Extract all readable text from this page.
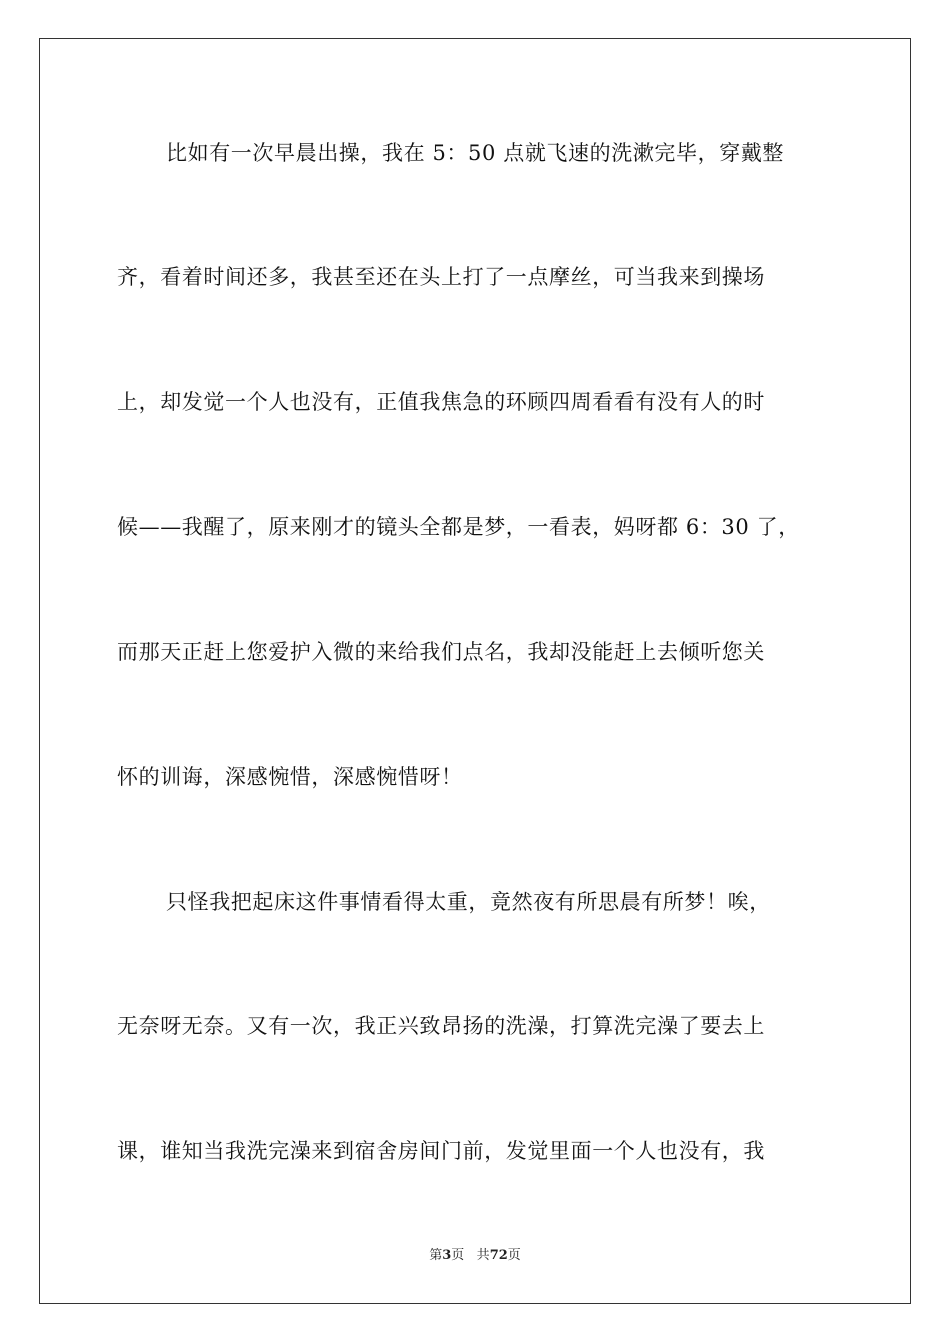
比如有一次早晨出操，我在 5：50 点就飞速的洗漱完毕，穿戴整
齐，看着时间还多，我甚至还在头上打了一点摩丝，可当我来到操场
上，却发觉一个人也没有，正值我焦急的环顾四周看看有没有人的时
候——我醒了，原来刚才的镜头全都是梦，一看表，妈呀都 6：30 了，
而那天正赶上您爱护入微的来给我们点名，我却没能赶上去倾听您关
怀的训诲，深感惋惜，深感惋惜呀！
只怪我把起床这件事情看得太重，竟然夜有所思晨有所梦！唉，
无奈呀无奈。又有一次，我正兴致昂扬的洗澡，打算洗完澡了要去上
课，谁知当我洗完澡来到宿舍房间门前，发觉里面一个人也没有，我
第3页 共72页
